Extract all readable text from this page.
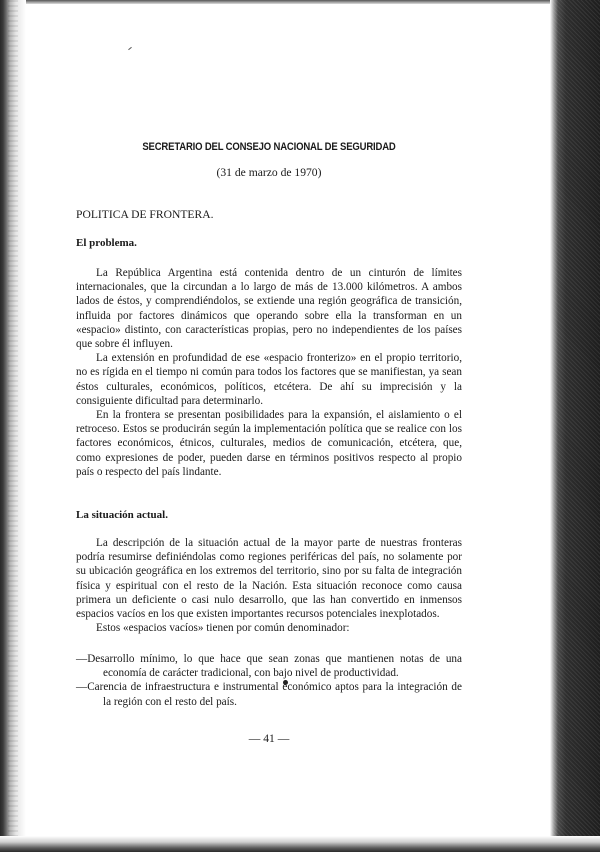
SECRETARIO DEL CONSEJO NACIONAL DE SEGURIDAD
(31 de marzo de 1970)
POLITICA DE FRONTERA.
El problema.

La República Argentina está contenida dentro de un cinturón de límites internacionales, que la circundan a lo largo de más de 13.000 kilómetros. A ambos lados de éstos, y comprendiéndolos, se extiende una región geográfica de transición, influida por factores dinámicos que operando sobre ella la transforman en un «espacio» distinto, con características propias, pero no independientes de los países que sobre él influyen.

La extensión en profundidad de ese «espacio fronterizo» en el propio territorio, no es rígida en el tiempo ni común para todos los factores que se manifiestan, ya sean éstos culturales, económicos, políticos, etcétera. De ahí su imprecisión y la consiguiente dificultad para determinarlo.

En la frontera se presentan posibilidades para la expansión, el aislamiento o el retroceso. Estos se producirán según la implementación política que se realice con los factores económicos, étnicos, culturales, medios de comunicación, etcétera, que, como expresiones de poder, pueden darse en términos positivos respecto al propio país o respecto del país lindante.

La situación actual.

La descripción de la situación actual de la mayor parte de nuestras fronteras podría resumirse definiéndolas como regiones periféricas del país, no solamente por su ubicación geográfica en los extremos del territorio, sino por su falta de integración física y espiritual con el resto de la Nación. Esta situación reconoce como causa primera un deficiente o casi nulo desarrollo, que las han convertido en inmensos espacios vacíos en los que existen importantes recursos potenciales inexplotados.

Estos «espacios vacíos» tienen por común denominador:

—Desarrollo mínimo, lo que hace que sean zonas que mantienen notas de una economía de carácter tradicional, con bajo nivel de productividad.

—Carencia de infraestructura e instrumental económico aptos para la integración de la región con el resto del país.

— 41 —
